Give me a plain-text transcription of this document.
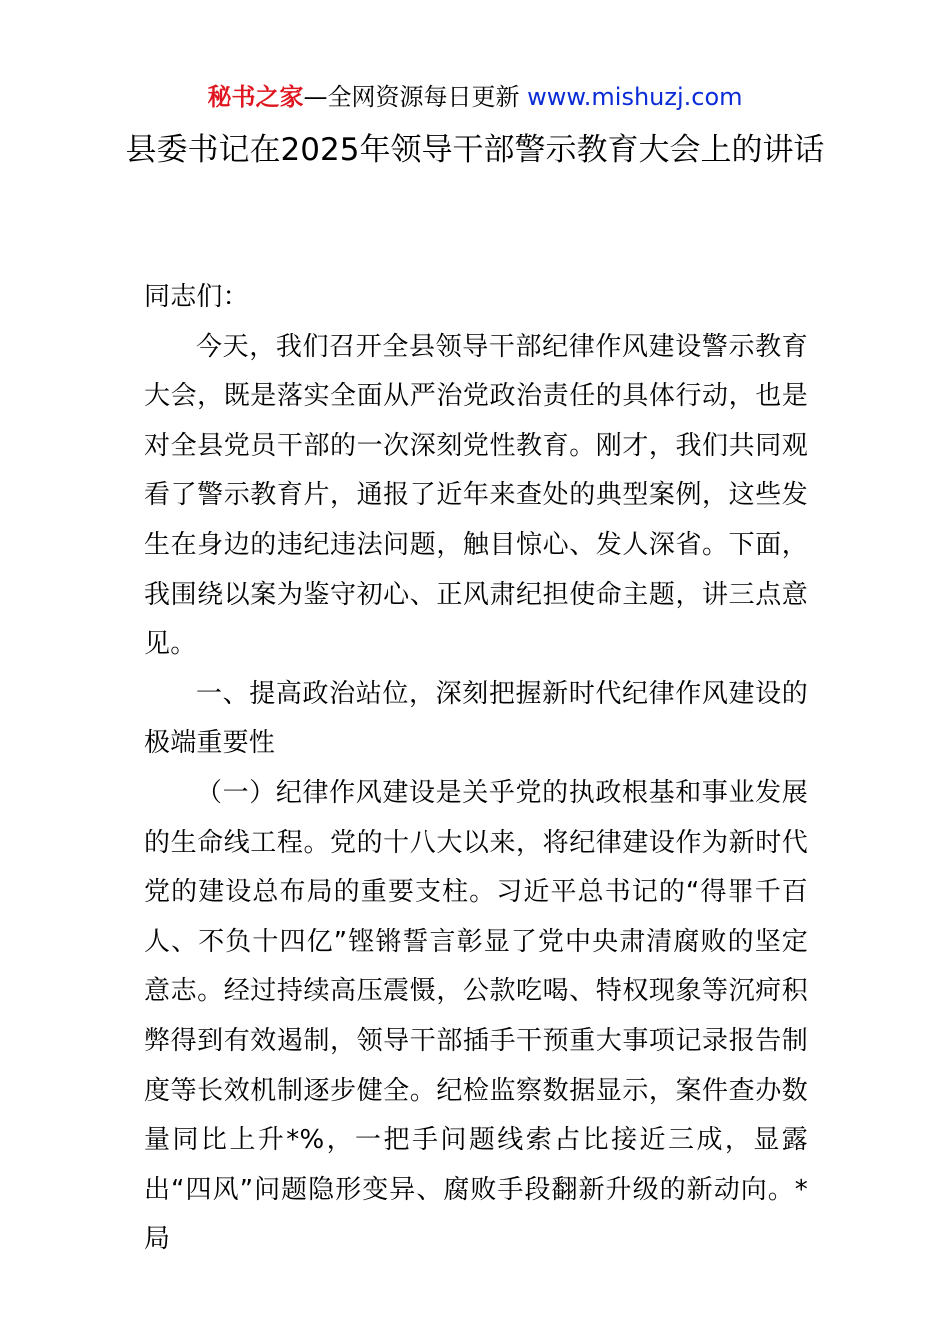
秘书之家—全网资源每日更新 www.mishuzj.com
县委书记在2025年领导干部警示教育大会上的讲话

同志们：

今天，我们召开全县领导干部纪律作风建设警示教育大会，既是落实全面从严治党政治责任的具体行动，也是对全县党员干部的一次深刻党性教育。刚才，我们共同观看了警示教育片，通报了近年来查处的典型案例，这些发生在身边的违纪违法问题，触目惊心、发人深省。下面，我围绕以案为鉴守初心、正风肃纪担使命主题，讲三点意见。

一、提高政治站位，深刻把握新时代纪律作风建设的极端重要性

（一）纪律作风建设是关乎党的执政根基和事业发展的生命线工程。党的十八大以来，将纪律建设作为新时代党的建设总布局的重要支柱。习近平总书记的“得罪千百人、不负十四亿”铿锵誓言彰显了党中央肃清腐败的坚定意志。经过持续高压震慑，公款吃喝、特权现象等沉疴积弊得到有效遏制，领导干部插手干预重大事项记录报告制度等长效机制逐步健全。纪检监察数据显示，案件查办数量同比上升*%，一把手问题线索占比接近三成，显露出“四风”问题隐形变异、腐败手段翻新升级的新动向。*局
